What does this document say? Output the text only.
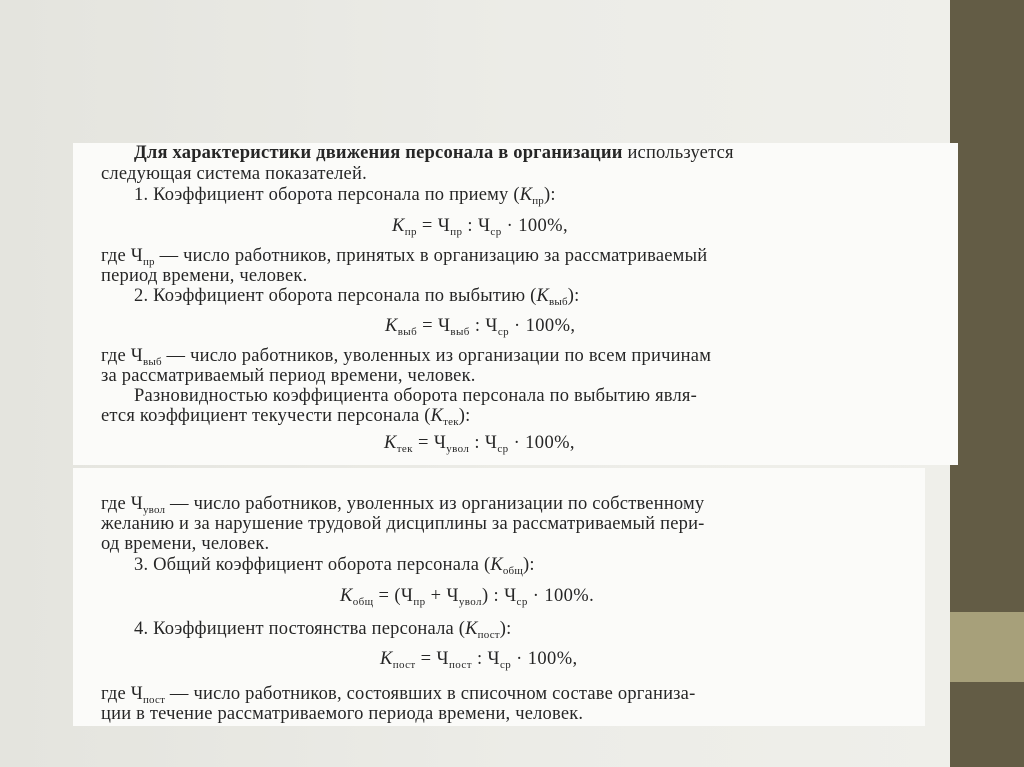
Для характеристики движения персонала в организации используется
следующая система показателей.
1. Коэффициент оборота персонала по приему $(К_{пр})$:
$К_{пр} = Ч_{пр}$ : $Ч_{ср} \cdot 100\%$,
где $Ч_{пр}$ — число работников, принятых в организацию за рассматриваемый
период времени, человек.
2. Коэффициент оборота персонала по выбытию $(К_{выб})$:
$К_{выб} = Ч_{выб}$ : $Ч_{ср} \cdot 100\%$,
где $Ч_{выб}$ — число работников, уволенных из организации по всем причинам
за рассматриваемый период времени, человек.
Разновидностью коэффициента оборота персонала по выбытию явля-
ется коэффициент текучести персонала $(К_{тек})$:
$К_{тек} = Ч_{увол}$ : $Ч_{ср} \cdot 100\%$,
где $Ч_{увол}$ — число работников, уволенных из организации по собственному
желанию и за нарушение трудовой дисциплины за рассматриваемый пери-
од времени, человек.
3. Общий коэффициент оборота персонала $(К_{общ})$:
$К_{общ} = (Ч_{пр} + Ч_{увол})$ : $Ч_{ср} \cdot 100\%$.
4. Коэффициент постоянства персонала $(К_{пост})$:
$К_{пост} = Ч_{пост}$ : $Ч_{ср} \cdot 100\%$,
где $Ч_{пост}$ — число работников, состоявших в списочном составе организа-
ции в течение рассматриваемого периода времени, человек.
